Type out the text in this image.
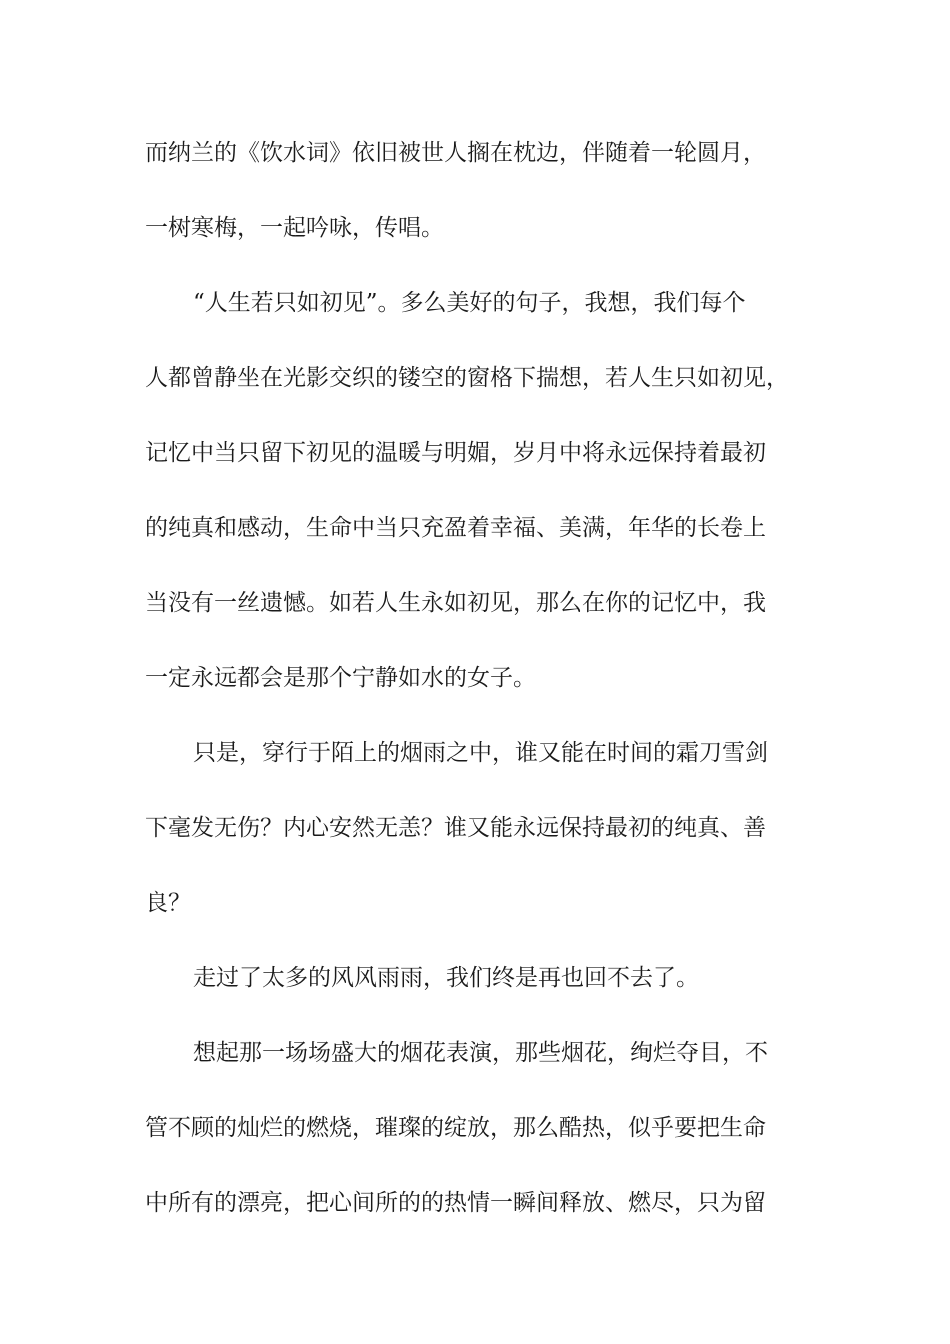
而纳兰的《饮水词》依旧被世人搁在枕边，伴随着一轮圆月，
一树寒梅，一起吟咏，传唱。
“人生若只如初见”。多么美好的句子，我想，我们每个
人都曾静坐在光影交织的镂空的窗格下揣想，若人生只如初见，
记忆中当只留下初见的温暖与明媚，岁月中将永远保持着最初
的纯真和感动，生命中当只充盈着幸福、美满，年华的长卷上
当没有一丝遗憾。如若人生永如初见，那么在你的记忆中，我
一定永远都会是那个宁静如水的女子。
只是，穿行于陌上的烟雨之中，谁又能在时间的霜刀雪剑
下毫发无伤？内心安然无恙？谁又能永远保持最初的纯真、善
良？
走过了太多的风风雨雨，我们终是再也回不去了。
想起那一场场盛大的烟花表演，那些烟花，绚烂夺目，不
管不顾的灿烂的燃烧，璀璨的绽放，那么酷热，似乎要把生命
中所有的漂亮，把心间所的的热情一瞬间释放、燃尽，只为留
